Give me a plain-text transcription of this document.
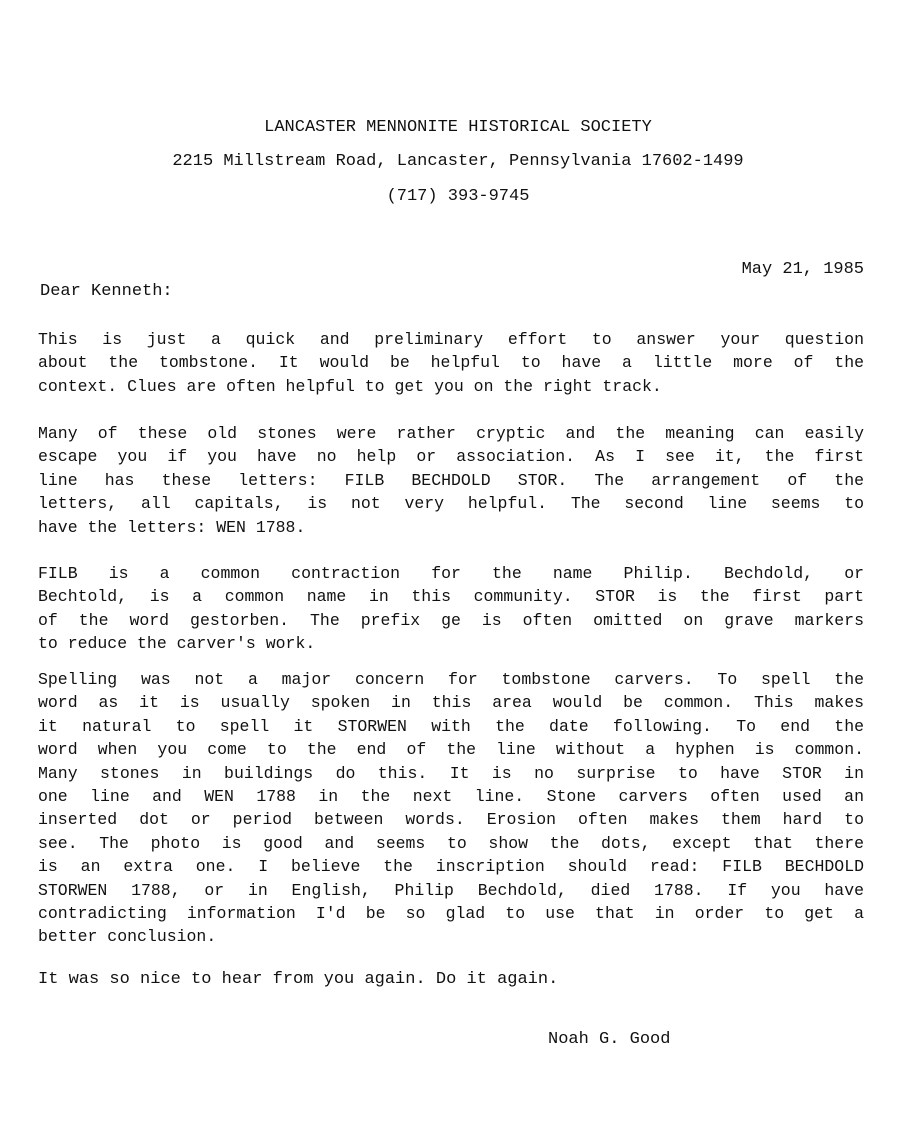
LANCASTER MENNONITE HISTORICAL SOCIETY
2215 Millstream Road, Lancaster, Pennsylvania 17602-1499
(717) 393-9745
May 21, 1985
Dear Kenneth:
This is just a quick and preliminary effort to answer your question
about the tombstone. It would be helpful to have a little more of the
context. Clues are often helpful to get you on the right track.
Many of these old stones were rather cryptic and the meaning can easily
escape you if you have no help or association. As I see it, the first
line has these letters: FILB BECHDOLD STOR. The arrangement of the
letters, all capitals, is not very helpful. The second line seems to
have the letters: WEN 1788.
FILB is a common contraction for the name Philip. Bechdold, or
Bechtold, is a common name in this community. STOR is the first part
of the word gestorben. The prefix ge is often omitted on grave markers
to reduce the carver's work.
Spelling was not a major concern for tombstone carvers. To spell the
word as it is usually spoken in this area would be common. This makes
it natural to spell it STORWEN with the date following. To end the
word when you come to the end of the line without a hyphen is common.
Many stones in buildings do this. It is no surprise to have STOR in
one line and WEN 1788 in the next line. Stone carvers often used an
inserted dot or period between words. Erosion often makes them hard to
see. The photo is good and seems to show the dots, except that there
is an extra one. I believe the inscription should read: FILB BECHDOLD
STORWEN 1788, or in English, Philip Bechdold, died 1788. If you have
contradicting information I'd be so glad to use that in order to get a
better conclusion.
It was so nice to hear from you again. Do it again.
Noah G. Good
